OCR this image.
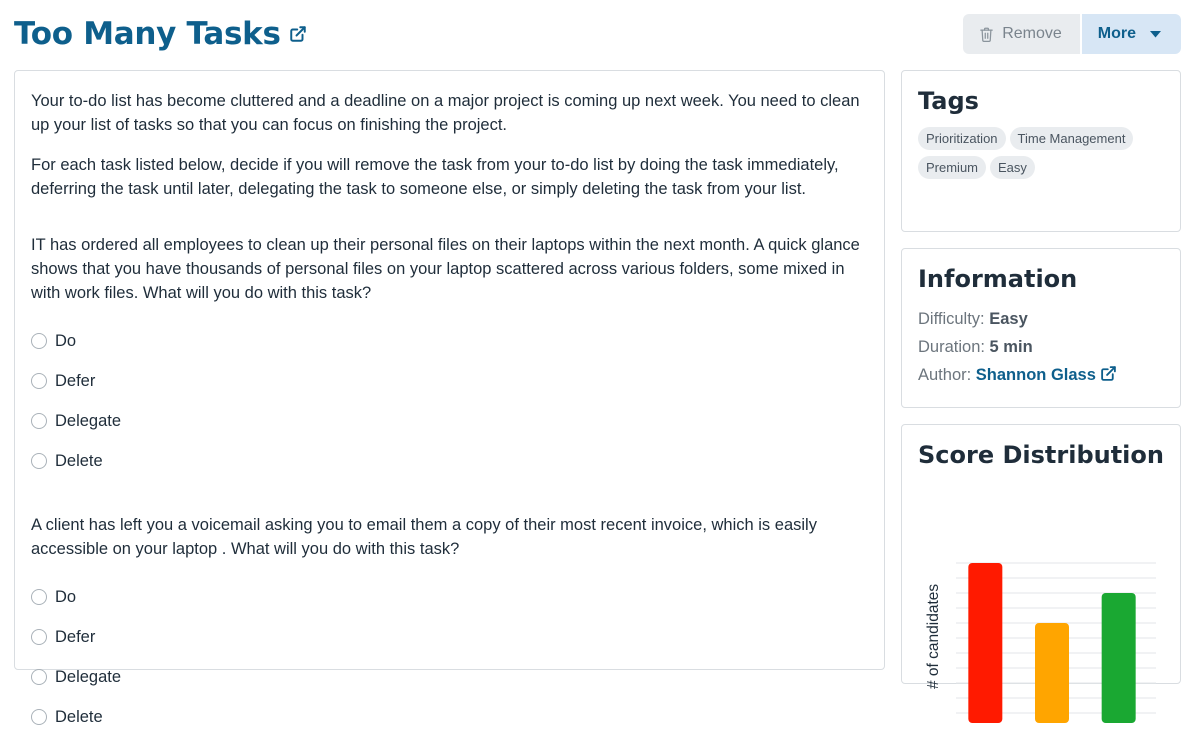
Too Many Tasks	Remove More

Your to-do list has become cluttered and a deadline on a major project is coming up next week. You need to clean up your list of tasks so that you can focus on finishing the project.

For each task listed below, decide if you will remove the task from your to-do list by doing the task immediately, deferring the task until later, delegating the task to someone else, or simply deleting the task from your list.

IT has ordered all employees to clean up their personal files on their laptops within the next month. A quick glance shows that you have thousands of personal files on your laptop scattered across various folders, some mixed in with work files. What will you do with this task?

Do
Defer
Delegate
Delete

A client has left you a voicemail asking you to email them a copy of their most recent invoice, which is easily accessible on your laptop . What will you do with this task?

Do
Defer
Delegate
Delete
Tags
Prioritization	Time Management
Premium	Easy
Information
Difficulty: Easy
Duration: 5 min
Author: Shannon Glass
Score Distribution
# of candidates
